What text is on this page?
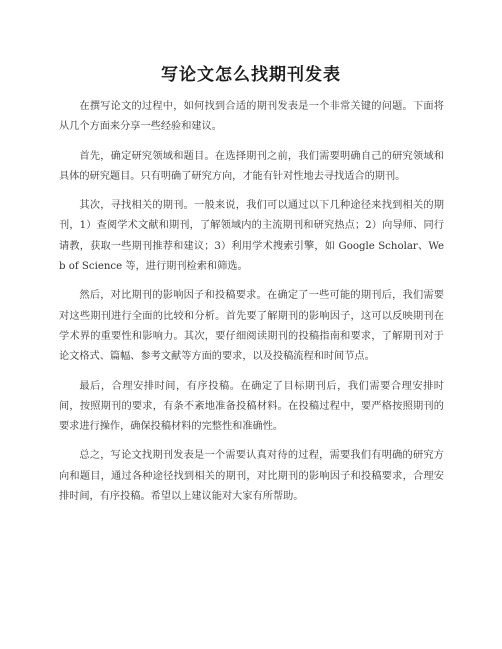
写论文怎么找期刊发表

在撰写论文的过程中，如何找到合适的期刊发表是一个非常关键的问题。下面将从几个方面来分享一些经验和建议。

首先，确定研究领域和题目。在选择期刊之前，我们需要明确自己的研究领域和具体的研究题目。只有明确了研究方向，才能有针对性地去寻找适合的期刊。

其次，寻找相关的期刊。一般来说，我们可以通过以下几种途径来找到相关的期刊，1）查阅学术文献和期刊，了解领域内的主流期刊和研究热点；2）向导师、同行请教，获取一些期刊推荐和建议；3）利用学术搜索引擎，如 Google Scholar、Web of Science 等，进行期刊检索和筛选。

然后，对比期刊的影响因子和投稿要求。在确定了一些可能的期刊后，我们需要对这些期刊进行全面的比较和分析。首先要了解期刊的影响因子，这可以反映期刊在学术界的重要性和影响力。其次，要仔细阅读期刊的投稿指南和要求，了解期刊对于论文格式、篇幅、参考文献等方面的要求，以及投稿流程和时间节点。

最后，合理安排时间，有序投稿。在确定了目标期刊后，我们需要合理安排时间，按照期刊的要求，有条不紊地准备投稿材料。在投稿过程中，要严格按照期刊的要求进行操作，确保投稿材料的完整性和准确性。

总之，写论文找期刊发表是一个需要认真对待的过程，需要我们有明确的研究方向和题目，通过各种途径找到相关的期刊，对比期刊的影响因子和投稿要求，合理安排时间，有序投稿。希望以上建议能对大家有所帮助。
